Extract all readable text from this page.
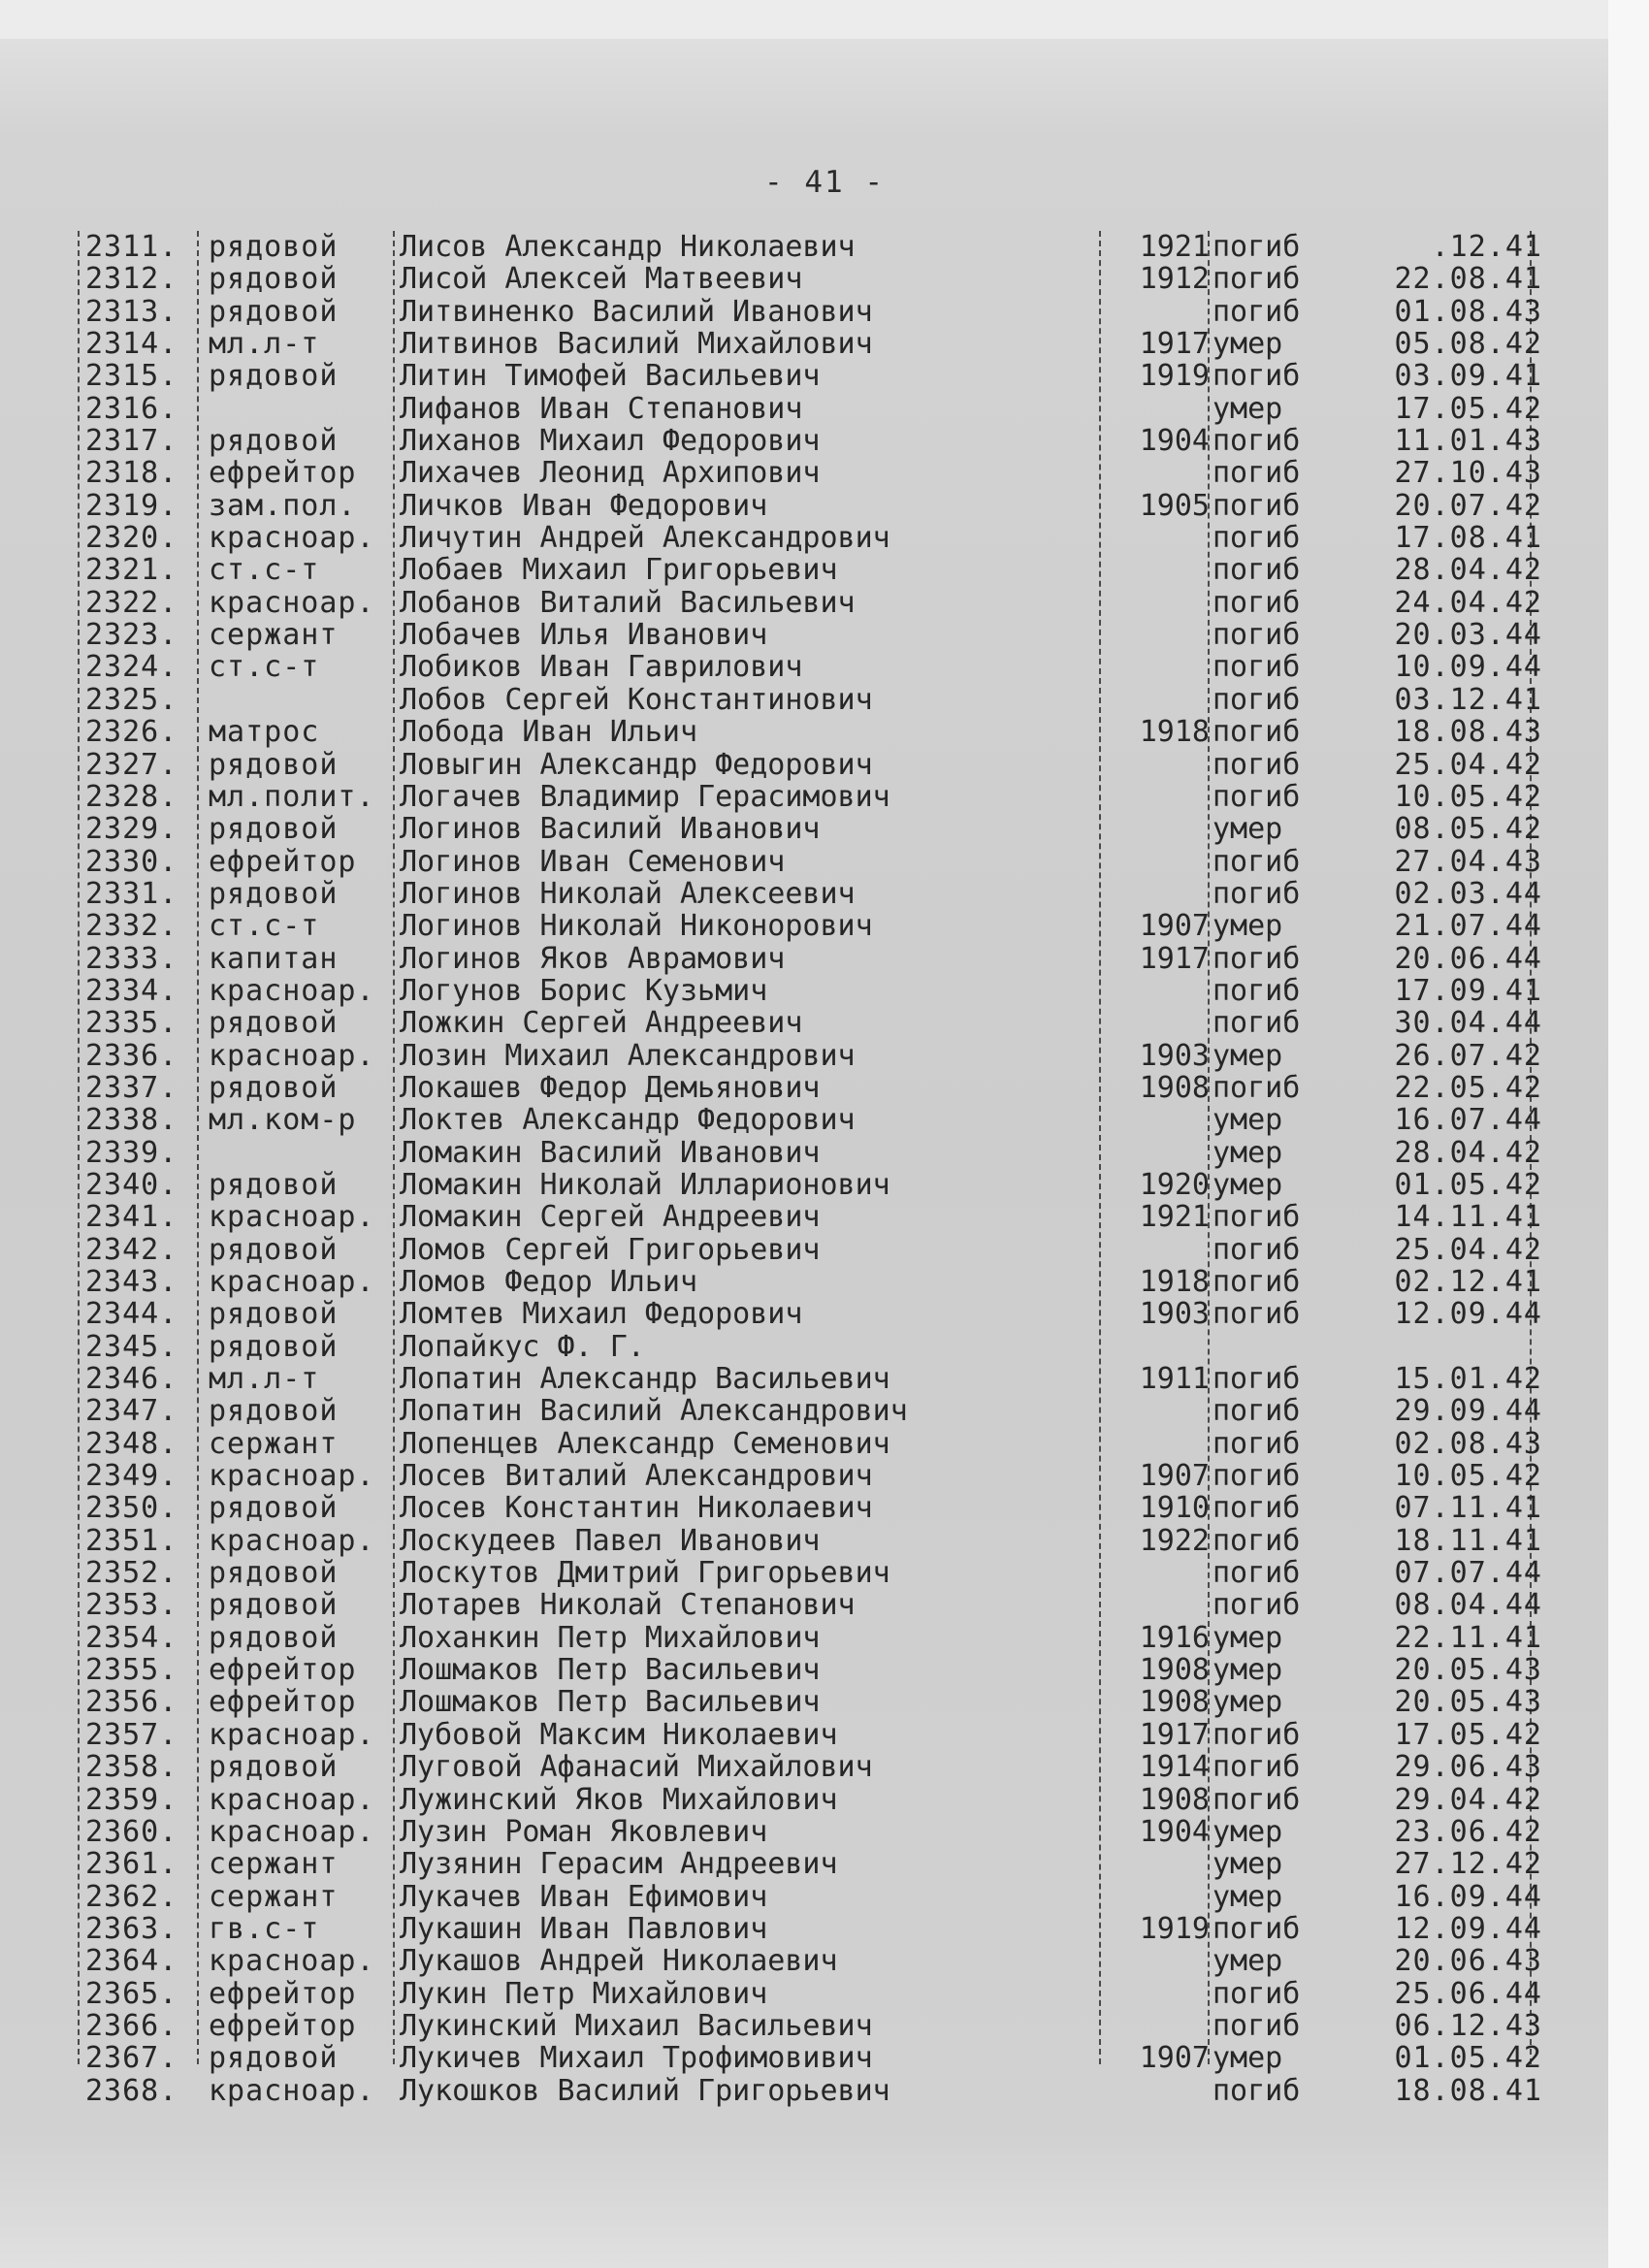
- 41 -
2311.	рядовой	Лисов Александр Николаевич	1921 погиб	.12.41
2312.	рядовой	Лисой Алексей Матвеевич	1912 погиб	22.08.41
2313.	рядовой	Литвиненко Василий Иванович	погиб	01.08.43
2314.	мл.л-т	Литвинов Василий Михайлович	1917 умер	05.08.42
2315.	рядовой	Литин Тимофей Васильевич	1919 погиб	03.09.41
2316.	Лифанов Иван Степанович	умер	17.05.42
2317.	рядовой	Лиханов Михаил Федорович	1904 погиб	11.01.43
2318.	ефрейтор	Лихачев Леонид Архипович	погиб	27.10.43
2319.	зам.пол.	Личков Иван Федорович	1905 погиб	20.07.42
2320.	красноар. Личутин Андрей Александрович	погиб	17.08.41
2321.	ст.с-т	Лобаев Михаил Григорьевич	погиб	28.04.42
2322.	красноар. Лобанов Виталий Васильевич	погиб	24.04.42
2323.	сержант	Лобачев Илья Иванович	погиб	20.03.44
2324.	ст.с-т	Лобиков Иван Гаврилович	погиб	10.09.44
2325.	Лобов Сергей Константинович	погиб	03.12.41
2326.	матрос	Лобода Иван Ильич	1918 погиб	18.08.43
2327.	рядовой	Ловыгин Александр Федорович	погиб	25.04.42
2328.	мл.полит. Логачев Владимир Герасимович	погиб	10.05.42
2329.	рядовой	Логинов Василий Иванович	умер	08.05.42
2330.	ефрейтор	Логинов Иван Семенович	погиб	27.04.43
2331.	рядовой	Логинов Николай Алексеевич	погиб	02.03.44
2332.	ст.с-т	Логинов Николай Никонорович	1907 умер	21.07.44
2333.	капитан	Логинов Яков Аврамович	1917 погиб	20.06.44
2334.	красноар. Логунов Борис Кузьмич	погиб	17.09.41
2335.	рядовой	Ложкин Сергей Андреевич	погиб	30.04.44
2336.	красноар. Лозин Михаил Александрович	1903 умер	26.07.42
2337.	рядовой	Локашев Федор Демьянович	1908 погиб	22.05.42
2338.	мл.ком-р	Локтев Александр Федорович	умер	16.07.44
2339.	Ломакин Василий Иванович	умер	28.04.42
2340.	рядовой	Ломакин Николай Илларионович	1920 умер	01.05.42
2341.	красноар. Ломакин Сергей Андреевич	1921 погиб	14.11.41
2342.	рядовой	Ломов Сергей Григорьевич	погиб	25.04.42
2343.	красноар. Ломов Федор Ильич	1918 погиб	02.12.41
2344.	рядовой	Ломтев Михаил Федорович	1903 погиб	12.09.44
2345.	рядовой	Лопайкус Ф. Г.
2346.	мл.л-т	Лопатин Александр Васильевич	1911 погиб	15.01.42
2347.	рядовой	Лопатин Василий Александрович	погиб	29.09.44
2348.	сержант	Лопенцев Александр Семенович	погиб	02.08.43
2349.	красноар. Лосев Виталий Александрович	1907 погиб	10.05.42
2350.	рядовой	Лосев Константин Николаевич	1910 погиб	07.11.41
2351.	красноар. Лоскудеев Павел Иванович	1922 погиб	18.11.41
2352.	рядовой	Лоскутов Дмитрий Григорьевич	погиб	07.07.44
2353.	рядовой	Лотарев Николай Степанович	погиб	08.04.44
2354.	рядовой	Лоханкин Петр Михайлович	1916 умер	22.11.41
2355.	ефрейтор	Лошмаков Петр Васильевич	1908 умер	20.05.43
2356.	ефрейтор	Лошмаков Петр Васильевич	1908 умер	20.05.43
2357.	красноар. Лубовой Максим Николаевич	1917 погиб	17.05.42
2358.	рядовой	Луговой Афанасий Михайлович	1914 погиб	29.06.43
2359.	красноар. Лужинский Яков Михайлович	1908 погиб	29.04.42
2360.	красноар. Лузин Роман Яковлевич	1904 умер	23.06.42
2361.	сержант	Лузянин Герасим Андреевич	умер	27.12.42
2362.	сержант	Лукачев Иван Ефимович	умер	16.09.44
2363.	гв.с-т	Лукашин Иван Павлович	1919 погиб	12.09.44
2364.	красноар. Лукашов Андрей Николаевич	умер	20.06.43
2365.	ефрейтор	Лукин Петр Михайлович	погиб	25.06.44
2366.	ефрейтор	Лукинский Михаил Васильевич	погиб	06.12.43
2367.	рядовой	Лукичев Михаил Трофимовивич	1907 умер	01.05.42
2368.	красноар. Лукошков Василий Григорьевич	погиб	18.08.41
